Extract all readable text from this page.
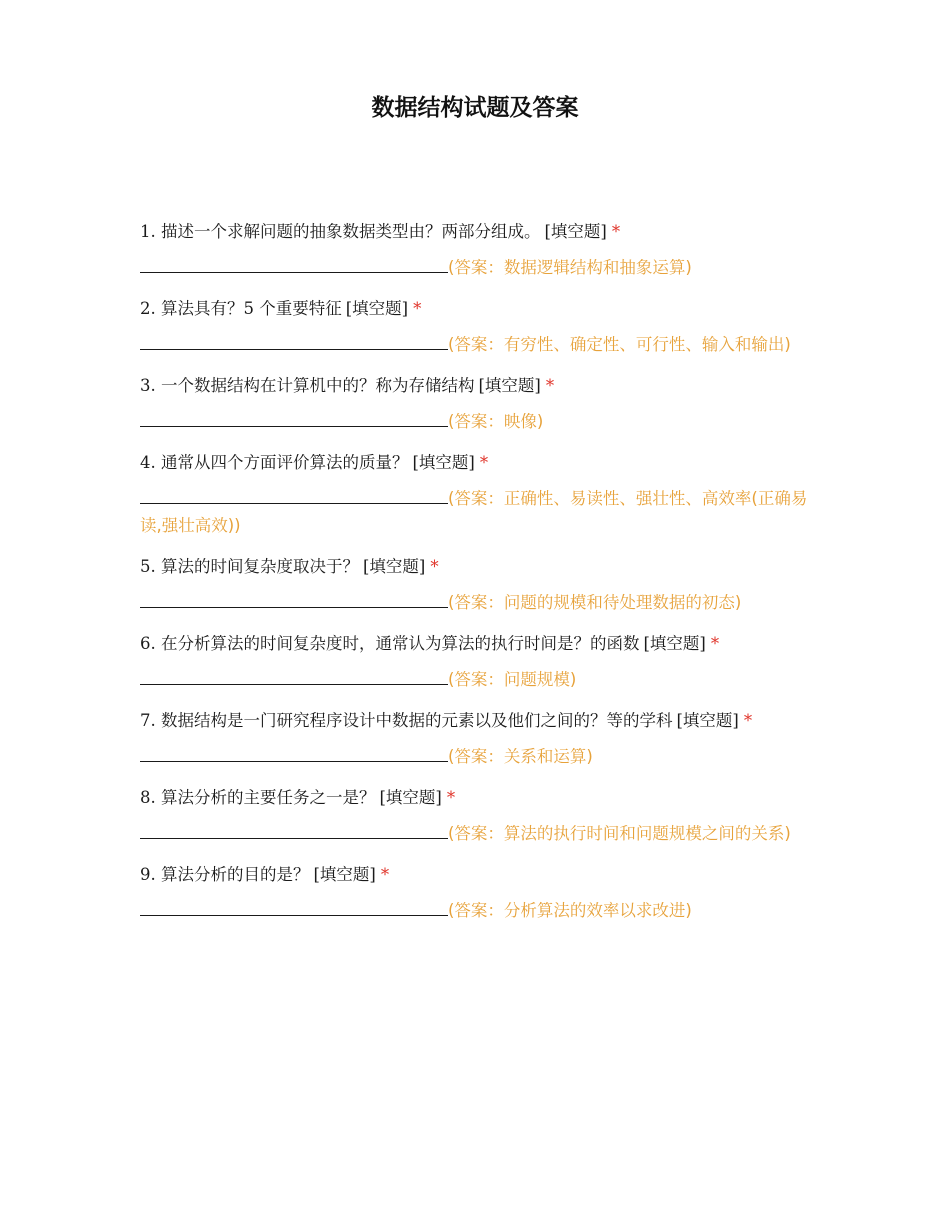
数据结构试题及答案
1. 描述一个求解问题的抽象数据类型由？两部分组成。 [填空题] *
(答案：数据逻辑结构和抽象运算)
2. 算法具有？5 个重要特征 [填空题] *
(答案：有穷性、确定性、可行性、输入和输出)
3. 一个数据结构在计算机中的？称为存储结构 [填空题] *
(答案：映像)
4. 通常从四个方面评价算法的质量？ [填空题] *
(答案：正确性、易读性、强壮性、高效率(正确易读,强壮高效))
5. 算法的时间复杂度取决于？ [填空题] *
(答案：问题的规模和待处理数据的初态)
6. 在分析算法的时间复杂度时，通常认为算法的执行时间是？的函数 [填空题] *
(答案：问题规模)
7. 数据结构是一门研究程序设计中数据的元素以及他们之间的？等的学科 [填空题] *
(答案：关系和运算)
8. 算法分析的主要任务之一是？ [填空题] *
(答案：算法的执行时间和问题规模之间的关系)
9. 算法分析的目的是？ [填空题] *
(答案：分析算法的效率以求改进)
